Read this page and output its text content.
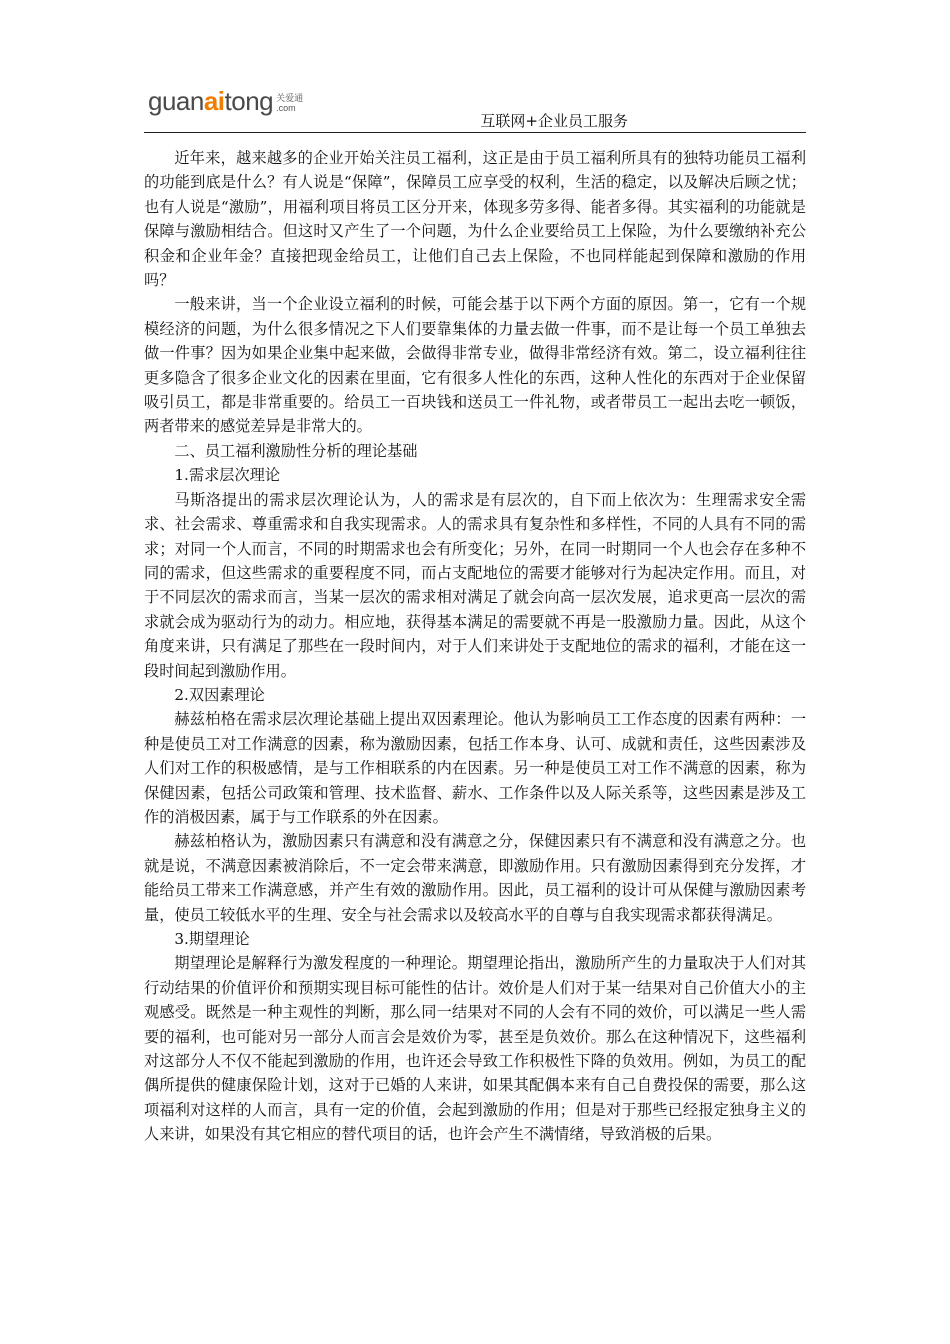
guanaitong 关爱通
.com
互联网+企业员工服务

近年来，越来越多的企业开始关注员工福利，这正是由于员工福利所具有的独特功能员工福利的功能到底是什么？有人说是“保障”，保障员工应享受的权利，生活的稳定，以及解决后顾之忧；也有人说是“激励”，用福利项目将员工区分开来，体现多劳多得、能者多得。其实福利的功能就是保障与激励相结合。但这时又产生了一个问题，为什么企业要给员工上保险，为什么要缴纳补充公积金和企业年金？直接把现金给员工，让他们自己去上保险，不也同样能起到保障和激励的作用吗？

一般来讲，当一个企业设立福利的时候，可能会基于以下两个方面的原因。第一，它有一个规模经济的问题，为什么很多情况之下人们要靠集体的力量去做一件事，而不是让每一个员工单独去做一件事？因为如果企业集中起来做，会做得非常专业，做得非常经济有效。第二，设立福利往往更多隐含了很多企业文化的因素在里面，它有很多人性化的东西，这种人性化的东西对于企业保留吸引员工，都是非常重要的。给员工一百块钱和送员工一件礼物，或者带员工一起出去吃一顿饭，两者带来的感觉差异是非常大的。

二、员工福利激励性分析的理论基础

1.需求层次理论

马斯洛提出的需求层次理论认为，人的需求是有层次的，自下而上依次为：生理需求安全需求、社会需求、尊重需求和自我实现需求。人的需求具有复杂性和多样性，不同的人具有不同的需求；对同一个人而言，不同的时期需求也会有所变化；另外，在同一时期同一个人也会存在多种不同的需求，但这些需求的重要程度不同，而占支配地位的需要才能够对行为起决定作用。而且，对于不同层次的需求而言，当某一层次的需求相对满足了就会向高一层次发展，追求更高一层次的需求就会成为驱动行为的动力。相应地，获得基本满足的需要就不再是一股激励力量。因此，从这个角度来讲，只有满足了那些在一段时间内，对于人们来讲处于支配地位的需求的福利，才能在这一段时间起到激励作用。

2.双因素理论

赫兹柏格在需求层次理论基础上提出双因素理论。他认为影响员工工作态度的因素有两种：一种是使员工对工作满意的因素，称为激励因素，包括工作本身、认可、成就和责任，这些因素涉及人们对工作的积极感情，是与工作相联系的内在因素。另一种是使员工对工作不满意的因素，称为保健因素，包括公司政策和管理、技术监督、薪水、工作条件以及人际关系等，这些因素是涉及工作的消极因素，属于与工作联系的外在因素。

赫兹柏格认为，激励因素只有满意和没有满意之分，保健因素只有不满意和没有满意之分。也就是说，不满意因素被消除后，不一定会带来满意，即激励作用。只有激励因素得到充分发挥，才能给员工带来工作满意感，并产生有效的激励作用。因此，员工福利的设计可从保健与激励因素考量，使员工较低水平的生理、安全与社会需求以及较高水平的自尊与自我实现需求都获得满足。

3.期望理论

期望理论是解释行为激发程度的一种理论。期望理论指出，激励所产生的力量取决于人们对其行动结果的价值评价和预期实现目标可能性的估计。效价是人们对于某一结果对自己价值大小的主观感受。既然是一种主观性的判断，那么同一结果对不同的人会有不同的效价，可以满足一些人需要的福利，也可能对另一部分人而言会是效价为零，甚至是负效价。那么在这种情况下，这些福利对这部分人不仅不能起到激励的作用，也许还会导致工作积极性下降的负效用。例如，为员工的配偶所提供的健康保险计划，这对于已婚的人来讲，如果其配偶本来有自己自费投保的需要，那么这项福利对这样的人而言，具有一定的价值，会起到激励的作用；但是对于那些已经报定独身主义的人来讲，如果没有其它相应的替代项目的话，也许会产生不满情绪，导致消极的后果。
